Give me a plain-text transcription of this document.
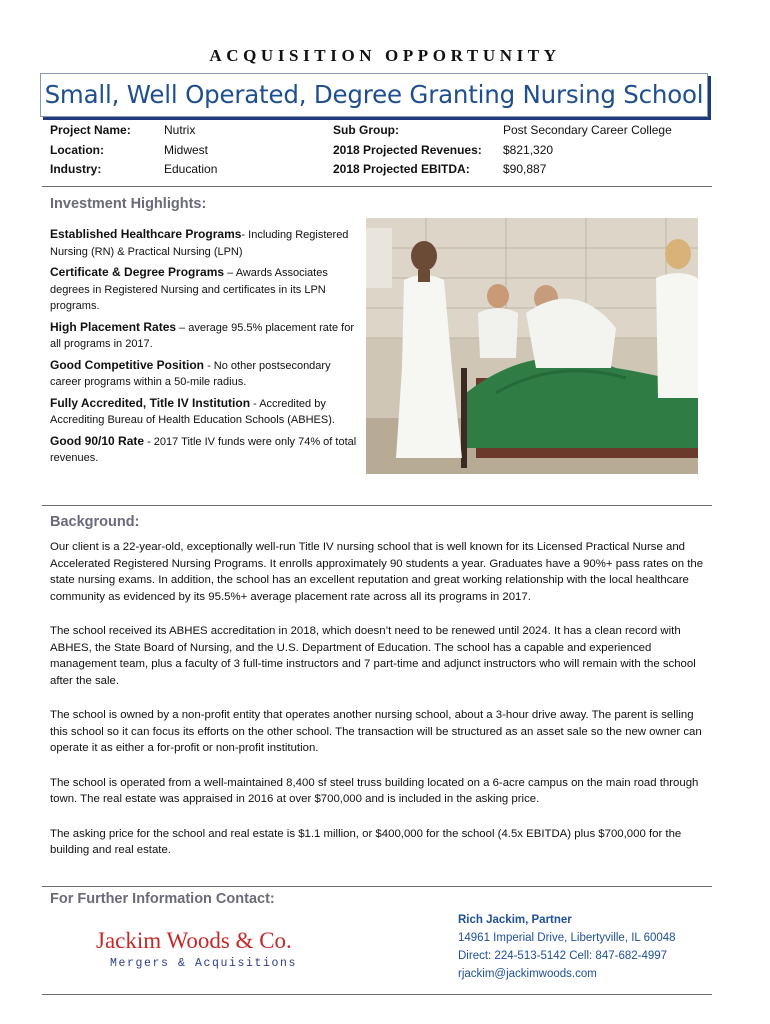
ACQUISITION OPPORTUNITY
Small, Well Operated, Degree Granting Nursing School
Project Name:
Location:
Industry:
Nutrix
Midwest
Education
Sub Group:
2018 Projected Revenues:
2018 Projected EBITDA:
Post Secondary Career College
$821,320
$90,887
Investment Highlights:

Established Healthcare Programs- Including Registered Nursing (RN) & Practical Nursing (LPN)

Certificate & Degree Programs – Awards Associates degrees in Registered Nursing and certificates in its LPN programs.

High Placement Rates – average 95.5% placement rate for all programs in 2017.

Good Competitive Position - No other postsecondary career programs within a 50-mile radius.

Fully Accredited, Title IV Institution - Accredited by Accrediting Bureau of Health Education Schools (ABHES).

Good 90/10 Rate - 2017 Title IV funds were only 74% of total revenues.

Background:

Our client is a 22-year-old, exceptionally well-run Title IV nursing school that is well known for its Licensed Practical Nurse and Accelerated Registered Nursing Programs. It enrolls approximately 90 students a year. Graduates have a 90%+ pass rates on the state nursing exams. In addition, the school has an excellent reputation and great working relationship with the local healthcare community as evidenced by its 95.5%+ average placement rate across all its programs in 2017.

The school received its ABHES accreditation in 2018, which doesn’t need to be renewed until 2024. It has a clean record with ABHES, the State Board of Nursing, and the U.S. Department of Education. The school has a capable and experienced management team, plus a faculty of 3 full-time instructors and 7 part-time and adjunct instructors who will remain with the school after the sale.

The school is owned by a non-profit entity that operates another nursing school, about a 3-hour drive away. The parent is selling this school so it can focus its efforts on the other school. The transaction will be structured as an asset sale so the new owner can operate it as either a for-profit or non-profit institution.

The school is operated from a well-maintained 8,400 sf steel truss building located on a 6-acre campus on the main road through town. The real estate was appraised in 2016 at over $700,000 and is included in the asking price.

The asking price for the school and real estate is $1.1 million, or $400,000 for the school (4.5x EBITDA) plus $700,000 for the building and real estate.

For Further Information Contact:
Jackim Woods & Co.
Mergers & Acquisitions
Rich Jackim, Partner
14961 Imperial Drive, Libertyville, IL 60048
Direct: 224-513-5142 Cell: 847-682-4997
rjackim@jackimwoods.com
